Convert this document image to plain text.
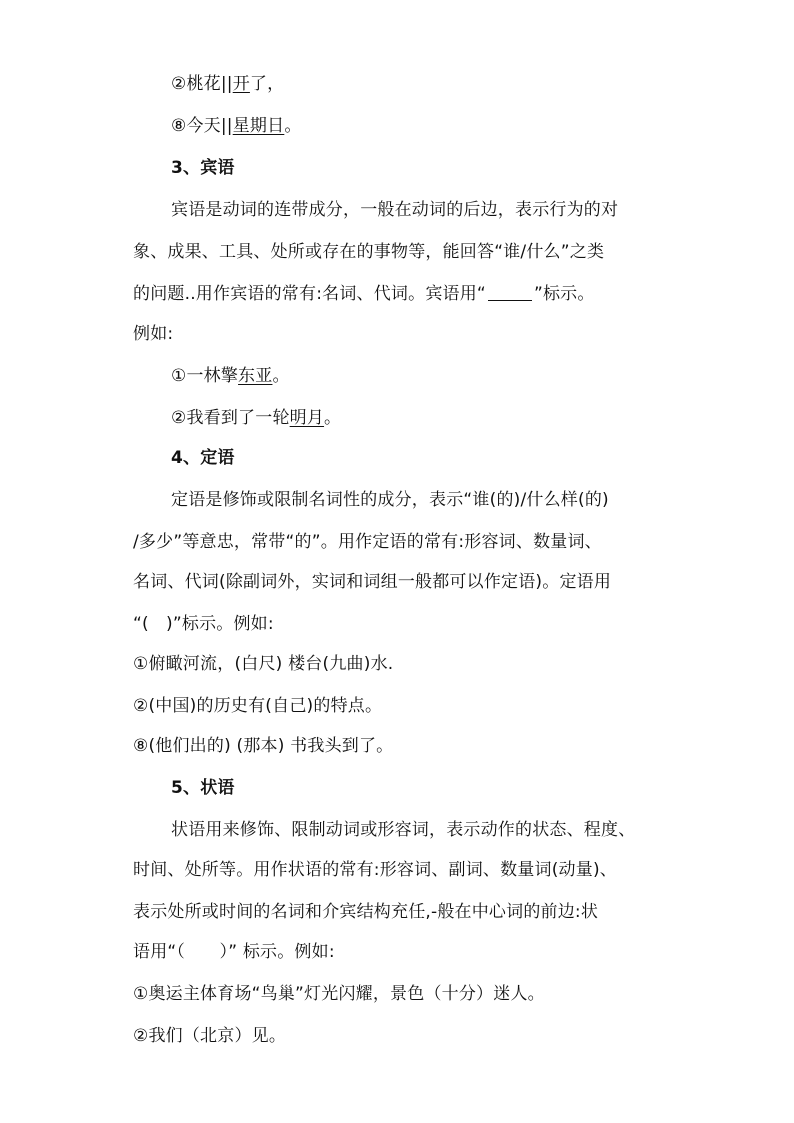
②桃花||开了，
⑧今天||星期日。
3、宾语
宾语是动词的连带成分，一般在动词的后边，表示行为的对
象、成果、工具、处所或存在的事物等，能回答“谁/什么”之类
的问题..用作宾语的常有:名词、代词。宾语用“	”标示。
例如:
①一林擎东亚。
②我看到了一轮明月。
4、定语
定语是修饰或限制名词性的成分，表示“谁(的)/什么样(的)
/多少”等意忠，常带“的”。用作定语的常有:形容词、数量词、
名词、代词(除副词外，实词和词组一般都可以作定语)。定语用
“(　)”标示。例如:
①俯瞰河流，(白尺) 楼台(九曲)水.
②(中国)的历史有(自己)的特点。
⑧(他们出的) (那本) 书我头到了。
5、状语
状语用来修饰、限制动词或形容词，表示动作的状态、程度、
时间、处所等。用作状语的常有:形容词、副词、数量词(动量)、
表示处所或时间的名词和介宾结构充任,-般在中心词的前边:状
语用“（　　）” 标示。例如:
①奥运主体育场“鸟巢”灯光闪耀，景色（十分）迷人。
②我们（北京）见。
